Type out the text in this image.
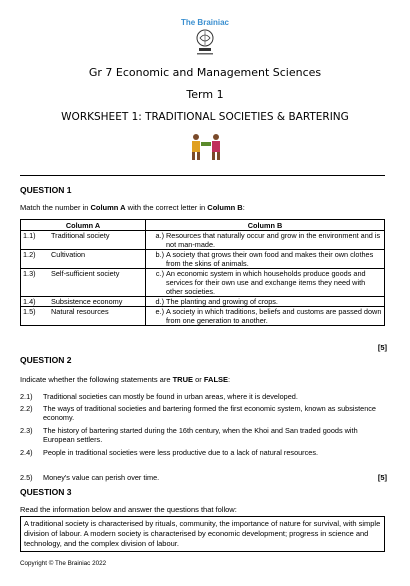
The Brainiac
Gr 7 Economic and Management Sciences
Term 1
WORKSHEET 1: TRADITIONAL SOCIETIES & BARTERING
QUESTION 1
Match the number in Column A with the correct letter in Column B:
Column A		Column B	
1.1)	Traditional society	a.)	Resources that naturally occur and grow in the environment and is not man-made.
1.2)	Cultivation	b.)	A society that grows their own food and makes their own clothes from the skins of animals.
1.3)	Self-sufficient society	c.)	An economic system in which households produce goods and services for their own use and exchange items they need with other societies.
1.4)	Subsistence economy	d.)	The planting and growing of crops.
1.5)	Natural resources	e.)	A society in which traditions, beliefs and customs are passed down from one generation to another.
[5]
QUESTION 2
Indicate whether the following statements are TRUE or FALSE:
2.1) Traditional societies can mostly be found in urban areas, where it is developed.
2.2) The ways of traditional societies and bartering formed the first economic system, known as subsistence economy.
2.3) The history of bartering started during the 16th century, when the Khoi and San traded goods with European settlers.
2.4) People in traditional societies were less productive due to a lack of natural resources.
2.5) Money's value can perish over time.	[5]
QUESTION 3
Read the information below and answer the questions that follow:
A traditional society is characterised by rituals, community, the importance of nature for survival, with simple division of labour. A modern society is characterised by economic development; progress in science and technology, and the complex division of labour.
Copyright © The Brainiac 2022
